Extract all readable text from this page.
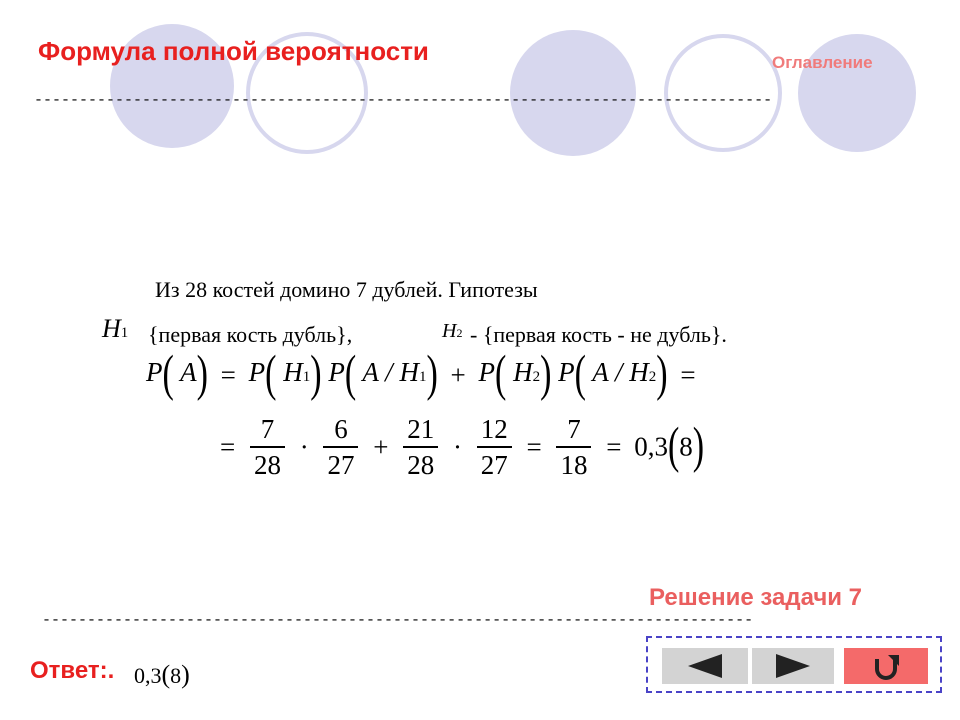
Формула полной вероятности	Оглавление
----------------------------------------------------------------------------------
Из 28 костей домино 7 дублей. Гипотезы
H1 {первая кость дубль},	H2 - {первая кость - не дубль}.
P( A) = P( H1) P( A / H1) + P( H2) P( A / H2) =
= $\frac{7}{28} \cdot \frac{6}{27} + \frac{21}{28} \cdot \frac{12}{27} = \frac{7}{18} = 0,3(8)$
Решение задачи 7
-------------------------------------------------------------------------------
Ответ:. 0,3(8)
